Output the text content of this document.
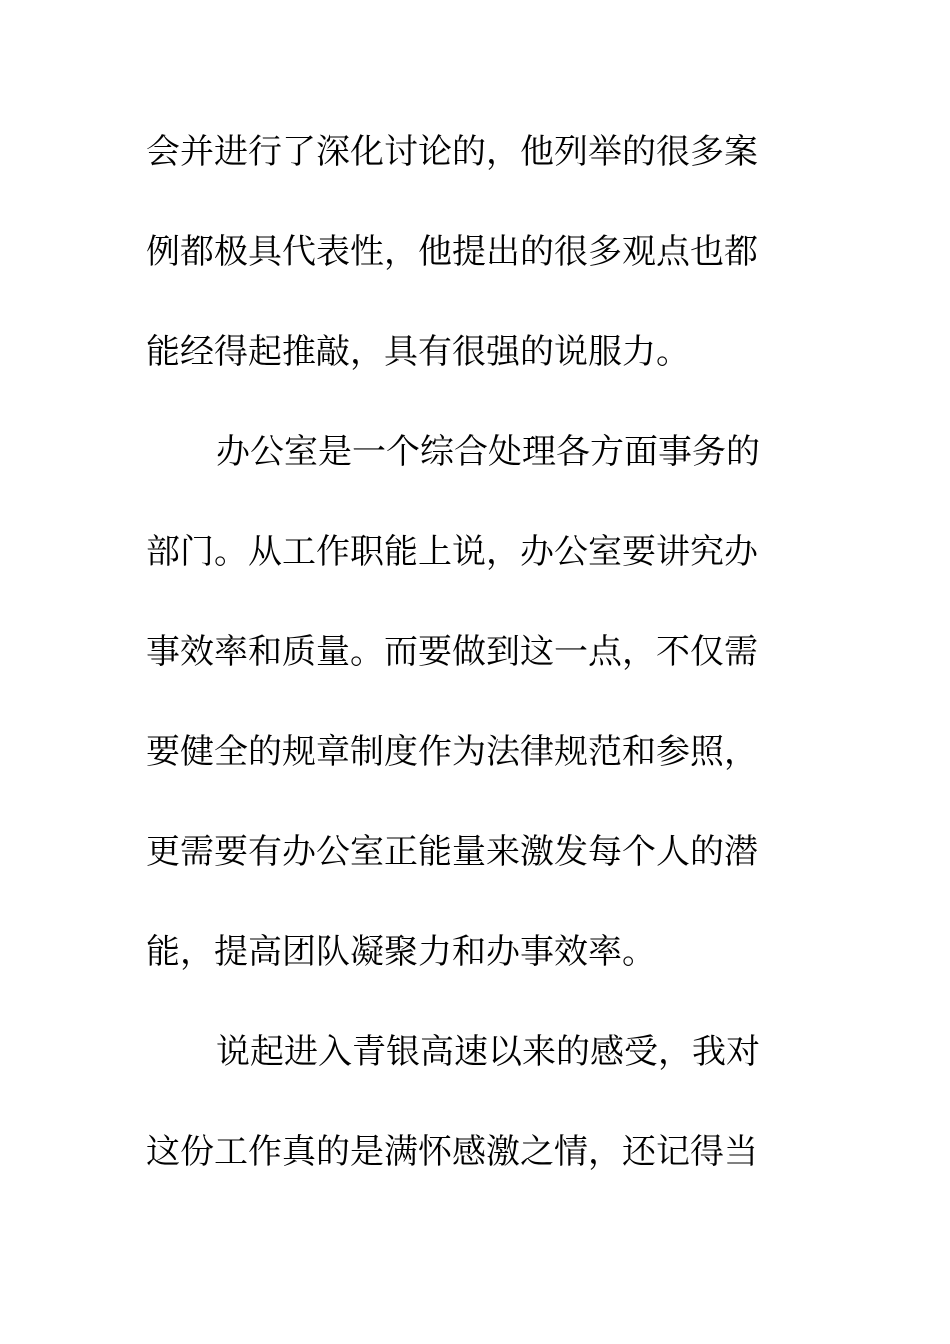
会并进行了深化讨论的，他列举的很多案
例都极具代表性，他提出的很多观点也都
能经得起推敲，具有很强的说服力。
办公室是一个综合处理各方面事务的
部门。从工作职能上说，办公室要讲究办
事效率和质量。而要做到这一点，不仅需
要健全的规章制度作为法律规范和参照，
更需要有办公室正能量来激发每个人的潜
能，提高团队凝聚力和办事效率。
说起进入青银高速以来的感受，我对
这份工作真的是满怀感激之情，还记得当
